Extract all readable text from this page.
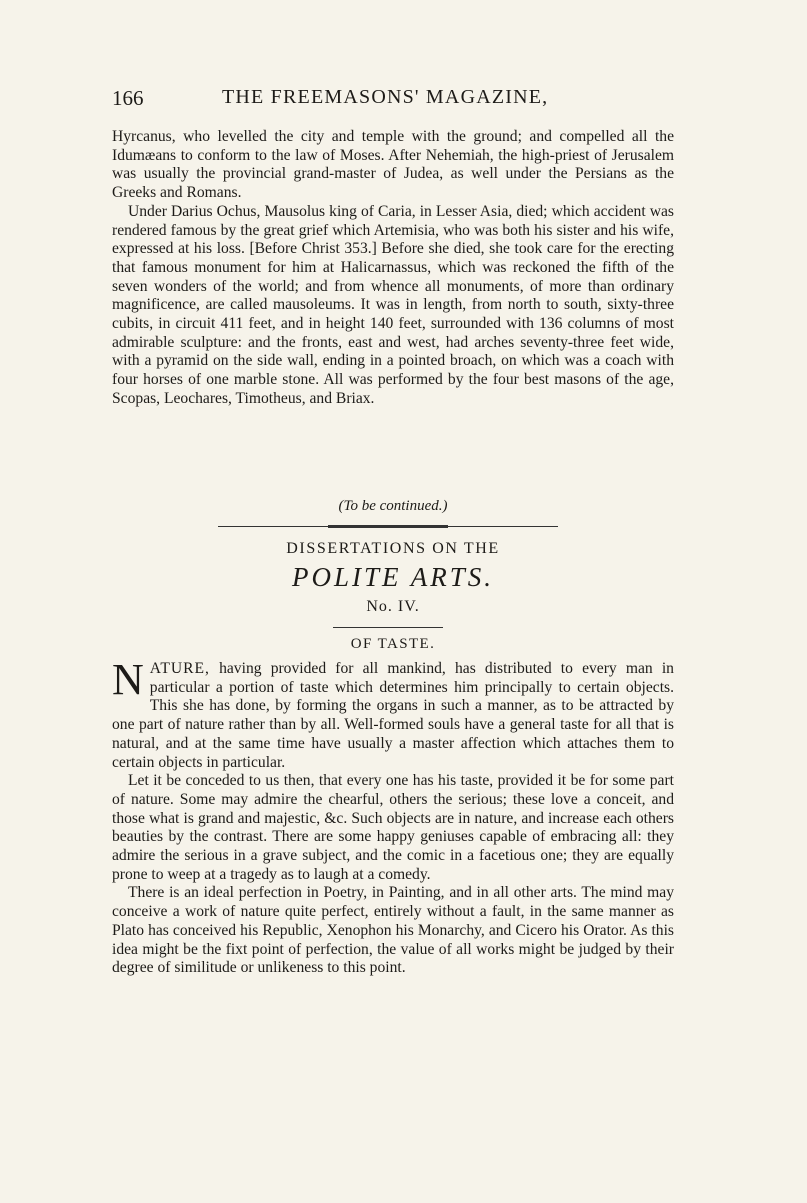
166	THE FREEMASONS' MAGAZINE,

Hyrcanus, who levelled the city and temple with the ground; and compelled all the Idumæans to conform to the law of Moses. After Nehemiah, the high-priest of Jerusalem was usually the provincial grand-master of Judea, as well under the Persians as the Greeks and Romans.

Under Darius Ochus, Mausolus king of Caria, in Lesser Asia, died; which accident was rendered famous by the great grief which Artemisia, who was both his sister and his wife, expressed at his loss. [Before Christ 353.] Before she died, she took care for the erecting that famous monument for him at Halicarnassus, which was reckoned the fifth of the seven wonders of the world; and from whence all monuments, of more than ordinary magnificence, are called mausoleums. It was in length, from north to south, sixty-three cubits, in circuit 411 feet, and in height 140 feet, surrounded with 136 columns of most admirable sculpture: and the fronts, east and west, had arches seventy-three feet wide, with a pyramid on the side wall, ending in a pointed broach, on which was a coach with four horses of one marble stone. All was performed by the four best masons of the age, Scopas, Leochares, Timotheus, and Briax.

(To be continued.)
DISSERTATIONS ON THE
POLITE ARTS.
No. IV.
OF TASTE.

NATURE, having provided for all mankind, has distributed to every man in particular a portion of taste which determines him principally to certain objects. This she has done, by forming the organs in such a manner, as to be attracted by one part of nature rather than by all. Well-formed souls have a general taste for all that is natural, and at the same time have usually a master affection which attaches them to certain objects in particular.

Let it be conceded to us then, that every one has his taste, provided it be for some part of nature. Some may admire the chearful, others the serious; these love a conceit, and those what is grand and majestic, &c. Such objects are in nature, and increase each others beauties by the contrast. There are some happy geniuses capable of embracing all: they admire the serious in a grave subject, and the comic in a facetious one; they are equally prone to weep at a tragedy as to laugh at a comedy.

There is an ideal perfection in Poetry, in Painting, and in all other arts. The mind may conceive a work of nature quite perfect, entirely without a fault, in the same manner as Plato has conceived his Republic, Xenophon his Monarchy, and Cicero his Orator. As this idea might be the fixt point of perfection, the value of all works might be judged by their degree of similitude or unlikeness to this point.
